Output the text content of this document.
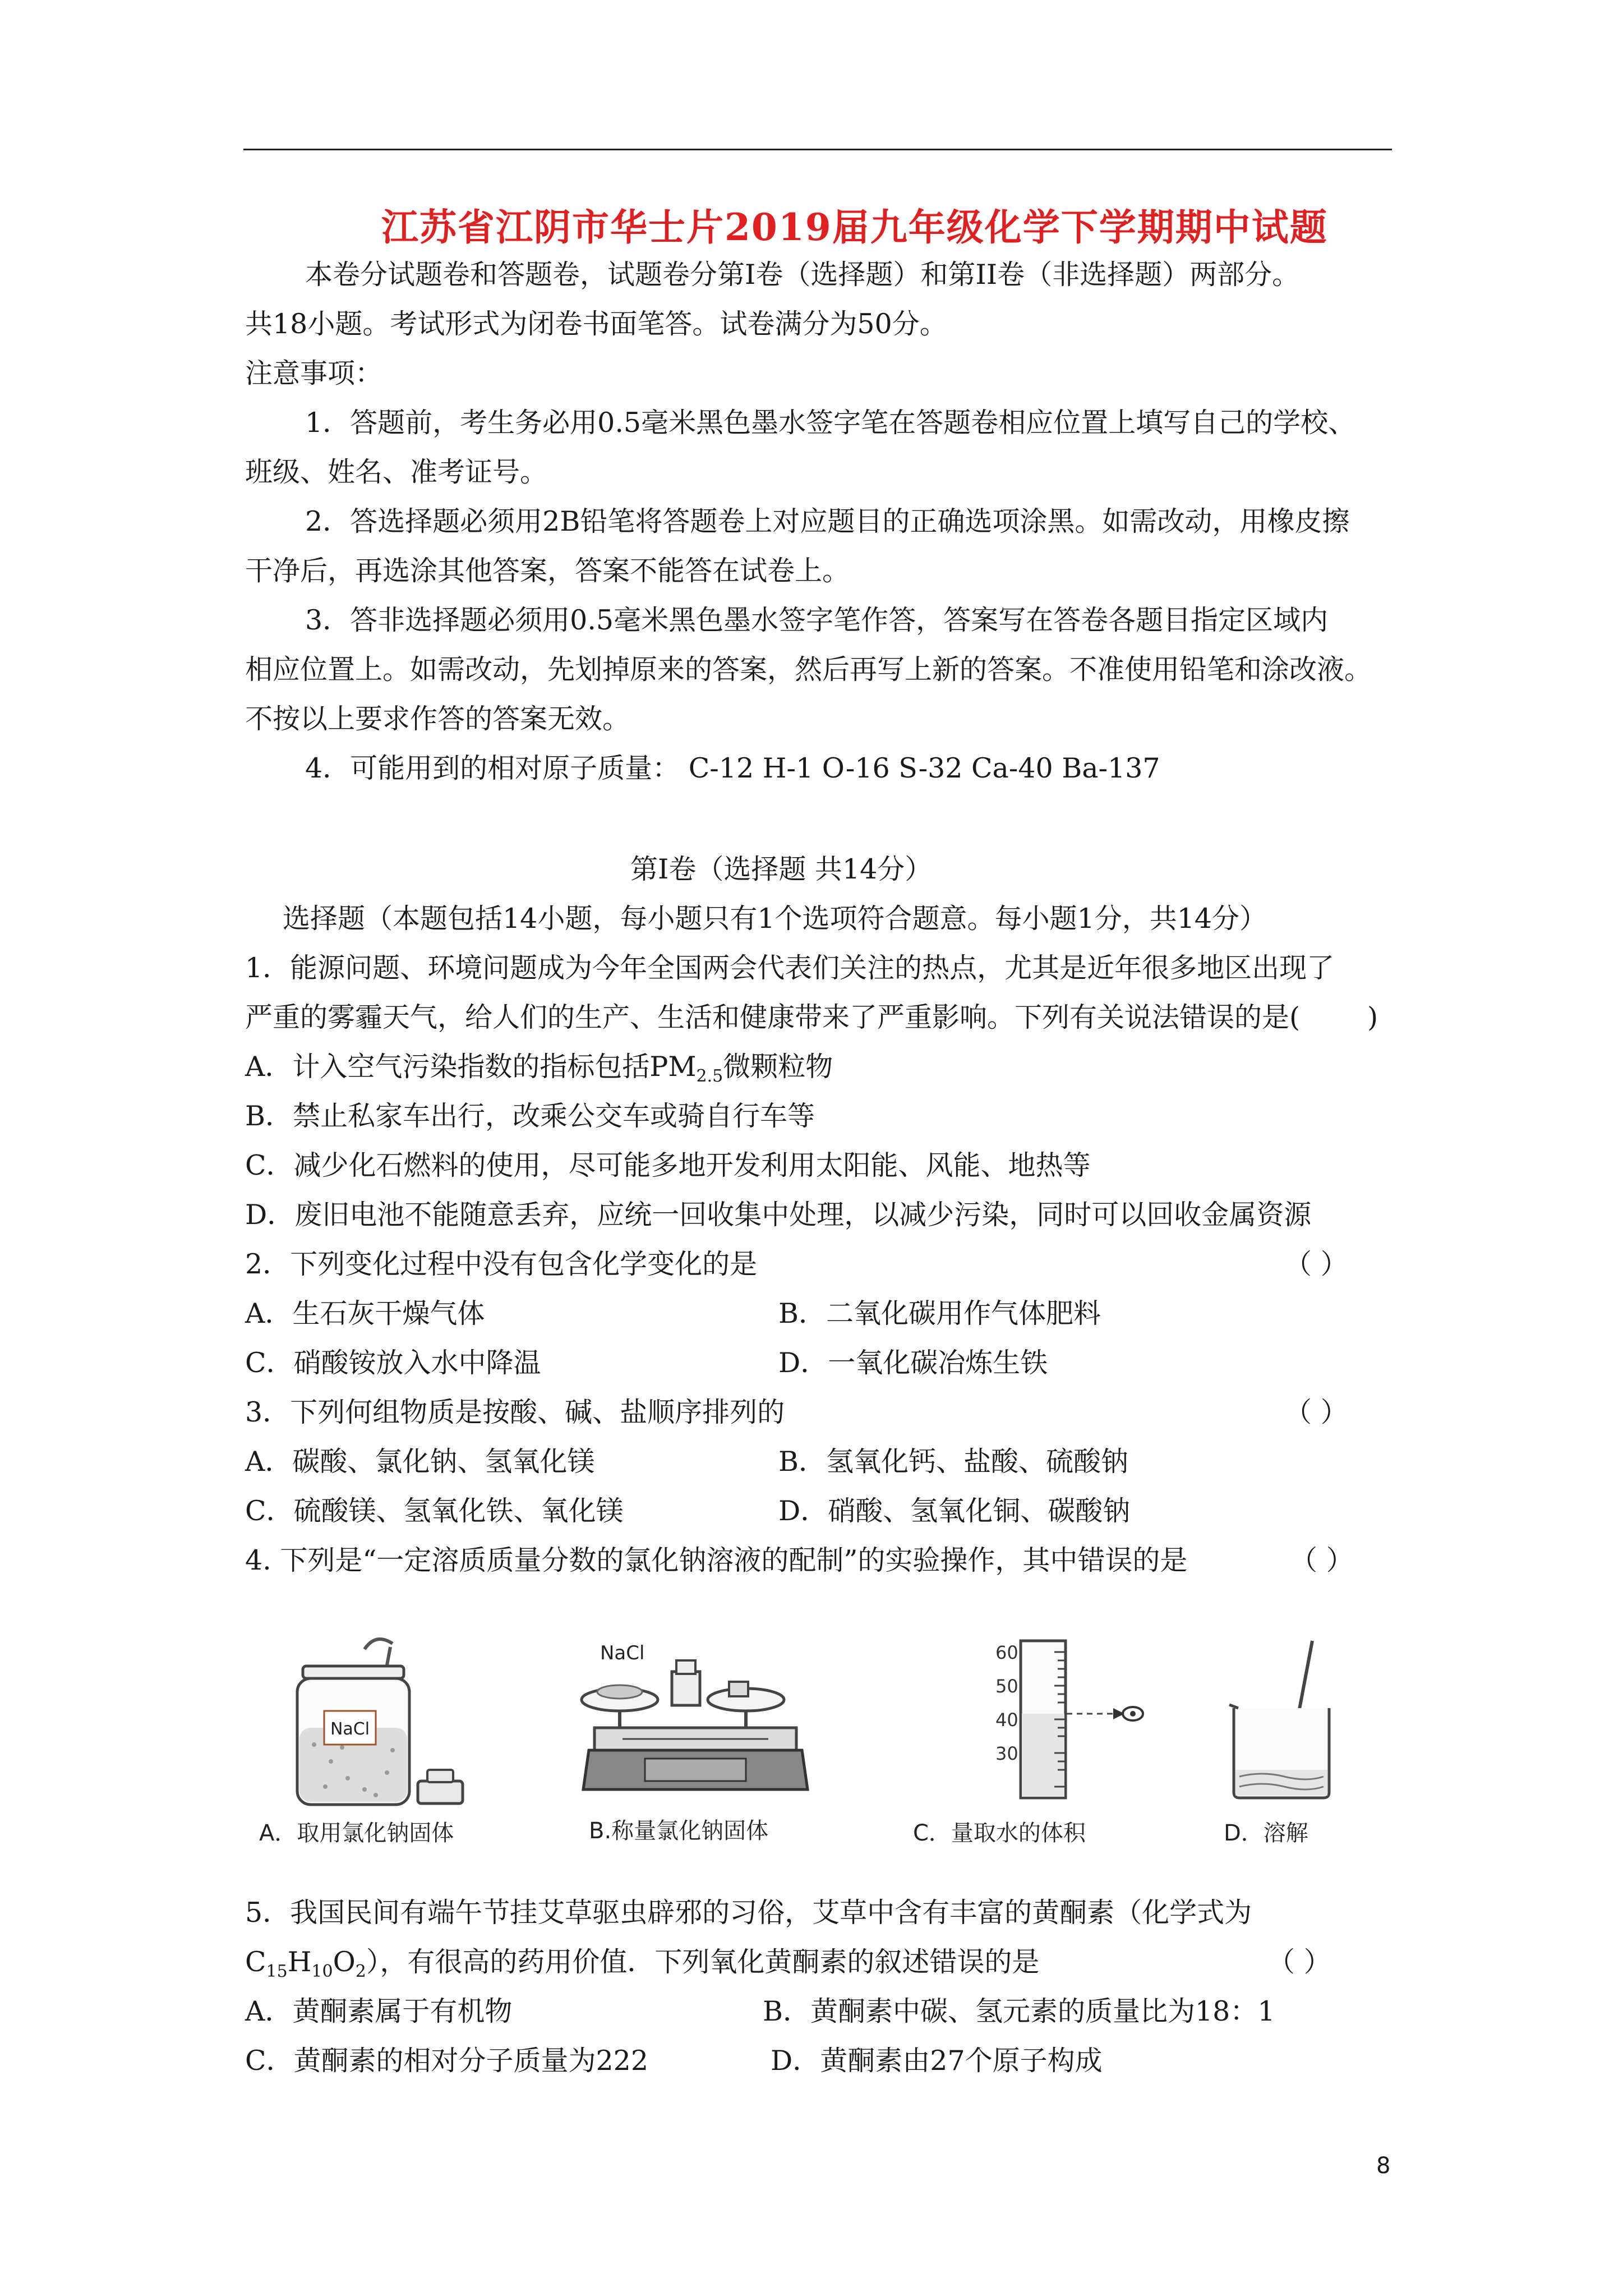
江苏省江阴市华士片2019届九年级化学下学期期中试题
本卷分试题卷和答题卷，试题卷分第I卷（选择题）和第II卷（非选择题）两部分。
共18小题。考试形式为闭卷书面笔答。试卷满分为50分。
注意事项：
1．答题前，考生务必用0.5毫米黑色墨水签字笔在答题卷相应位置上填写自己的学校、
班级、姓名、准考证号。
2．答选择题必须用2B铅笔将答题卷上对应题目的正确选项涂黑。如需改动，用橡皮擦
干净后，再选涂其他答案，答案不能答在试卷上。
3．答非选择题必须用0.5毫米黑色墨水签字笔作答，答案写在答卷各题目指定区域内
相应位置上。如需改动，先划掉原来的答案，然后再写上新的答案。不准使用铅笔和涂改液。
不按以上要求作答的答案无效。
4．可能用到的相对原子质量： C-12 H-1 O-16 S-32 Ca-40 Ba-137
第Ⅰ卷（选择题 共14分）
选择题（本题包括14小题，每小题只有1个选项符合题意。每小题1分，共14分）
1．能源问题、环境问题成为今年全国两会代表们关注的热点，尤其是近年很多地区出现了
严重的雾霾天气，给人们的生产、生活和健康带来了严重影响。下列有关说法错误的是( )
A．计入空气污染指数的指标包括$PM_{2.5}$微颗粒物
B．禁止私家车出行，改乘公交车或骑自行车等
C．减少化石燃料的使用，尽可能多地开发利用太阳能、风能、地热等
D．废旧电池不能随意丢弃，应统一回收集中处理，以减少污染，同时可以回收金属资源
2．下列变化过程中没有包含化学变化的是	（ ）
A．生石灰干燥气体	B．二氧化碳用作气体肥料
C．硝酸铵放入水中降温	D．一氧化碳冶炼生铁
3．下列何组物质是按酸、碱、盐顺序排列的	（ ）
A．碳酸、氯化钠、氢氧化镁	B．氢氧化钙、盐酸、硫酸钠
C．硫酸镁、氢氧化铁、氧化镁	D．硝酸、氢氧化铜、碳酸钠
4. 下列是“一定溶质质量分数的氯化钠溶液的配制”的实验操作，其中错误的是	（ ）
NaCl
A．取用氯化钠固体
NaCl
B.称量氯化钠固体
60
50
40
30
C．量取水的体积	D．溶解
5．我国民间有端午节挂艾草驱虫辟邪的习俗，艾草中含有丰富的黄酮素（化学式为
$C_{15}H_{10}O_2$），有很高的药用价值．下列氧化黄酮素的叙述错误的是	（ ）
A．黄酮素属于有机物	B．黄酮素中碳、氢元素的质量比为18：1
C．黄酮素的相对分子质量为222	D．黄酮素由27个原子构成
8
